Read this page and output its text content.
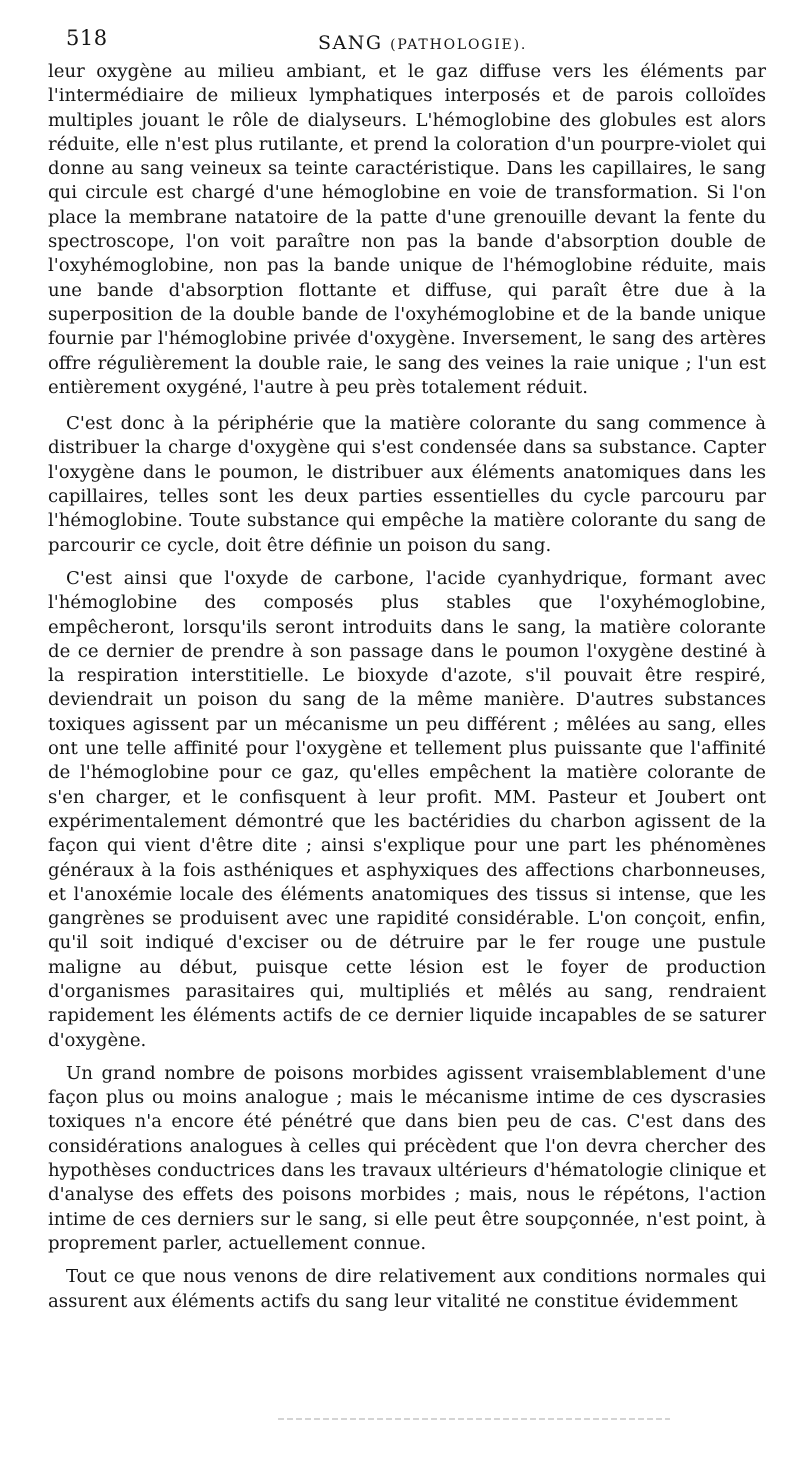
518	SANG (PATHOLOGIE).

leur oxygène au milieu ambiant, et le gaz diffuse vers les éléments par l'intermédiaire de milieux lymphatiques interposés et de parois colloïdes multiples jouant le rôle de dialyseurs. L'hémoglobine des globules est alors réduite, elle n'est plus rutilante, et prend la coloration d'un pourpre-violet qui donne au sang veineux sa teinte caractéristique. Dans les capillaires, le sang qui circule est chargé d'une hémoglobine en voie de transformation. Si l'on place la membrane natatoire de la patte d'une grenouille devant la fente du spectroscope, l'on voit paraître non pas la bande d'absorption double de l'oxyhémoglobine, non pas la bande unique de l'hémoglobine réduite, mais une bande d'absorption flottante et diffuse, qui paraît être due à la superposition de la double bande de l'oxyhémoglobine et de la bande unique fournie par l'hémoglobine privée d'oxygène. Inversement, le sang des artères offre régulièrement la double raie, le sang des veines la raie unique ; l'un est entièrement oxygéné, l'autre à peu près totalement réduit.

C'est donc à la périphérie que la matière colorante du sang commence à distribuer la charge d'oxygène qui s'est condensée dans sa substance. Capter l'oxygène dans le poumon, le distribuer aux éléments anatomiques dans les capillaires, telles sont les deux parties essentielles du cycle parcouru par l'hémoglobine. Toute substance qui empêche la matière colorante du sang de parcourir ce cycle, doit être définie un poison du sang.

C'est ainsi que l'oxyde de carbone, l'acide cyanhydrique, formant avec l'hémoglobine des composés plus stables que l'oxyhémoglobine, empêcheront, lorsqu'ils seront introduits dans le sang, la matière colorante de ce dernier de prendre à son passage dans le poumon l'oxygène destiné à la respiration interstitielle. Le bioxyde d'azote, s'il pouvait être respiré, deviendrait un poison du sang de la même manière. D'autres substances toxiques agissent par un mécanisme un peu différent ; mêlées au sang, elles ont une telle affinité pour l'oxygène et tellement plus puissante que l'affinité de l'hémoglobine pour ce gaz, qu'elles empêchent la matière colorante de s'en charger, et le confisquent à leur profit. MM. Pasteur et Joubert ont expérimentalement démontré que les bactéridies du charbon agissent de la façon qui vient d'être dite ; ainsi s'explique pour une part les phénomènes généraux à la fois asthéniques et asphyxiques des affections charbonneuses, et l'anoxémie locale des éléments anatomiques des tissus si intense, que les gangrènes se produisent avec une rapidité considérable. L'on conçoit, enfin, qu'il soit indiqué d'exciser ou de détruire par le fer rouge une pustule maligne au début, puisque cette lésion est le foyer de production d'organismes parasitaires qui, multipliés et mêlés au sang, rendraient rapidement les éléments actifs de ce dernier liquide incapables de se saturer d'oxygène.

Un grand nombre de poisons morbides agissent vraisemblablement d'une façon plus ou moins analogue ; mais le mécanisme intime de ces dyscrasies toxiques n'a encore été pénétré que dans bien peu de cas. C'est dans des considérations analogues à celles qui précèdent que l'on devra chercher des hypothèses conductrices dans les travaux ultérieurs d'hématologie clinique et d'analyse des effets des poisons morbides ; mais, nous le répétons, l'action intime de ces derniers sur le sang, si elle peut être soupçonnée, n'est point, à proprement parler, actuellement connue.

Tout ce que nous venons de dire relativement aux conditions normales qui assurent aux éléments actifs du sang leur vitalité ne constitue évidemment
